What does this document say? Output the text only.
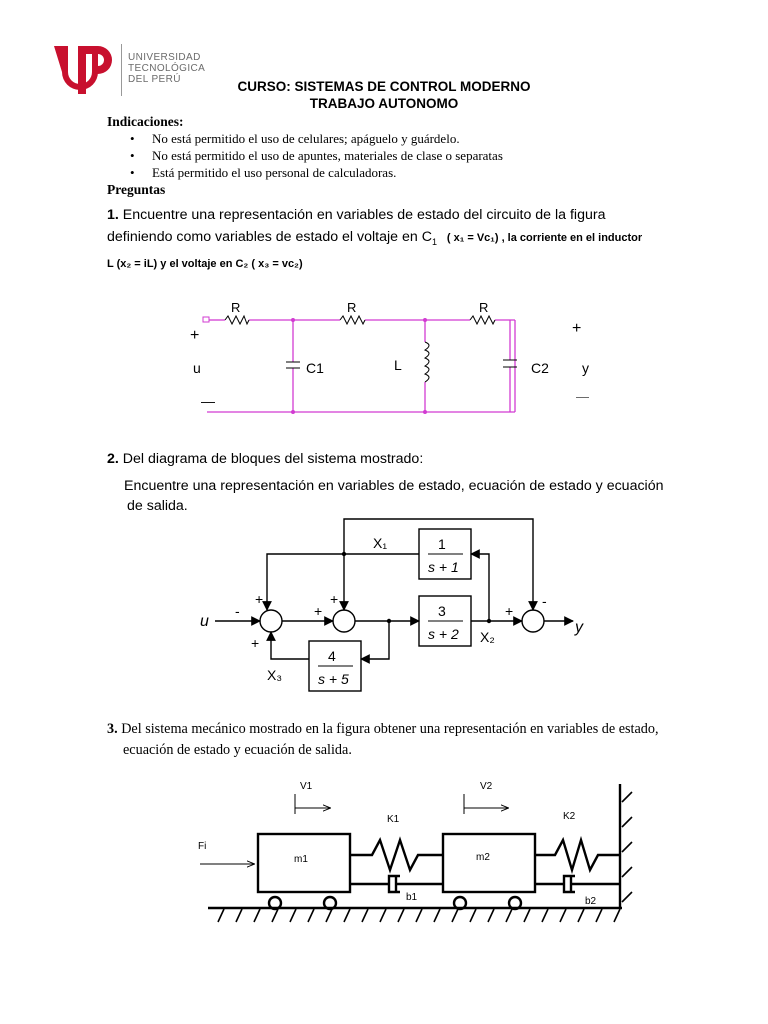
UNIVERSIDAD
TECNOLÓGICA
DEL PERÚ	CURSO: SISTEMAS DE CONTROL MODERNO
TRABAJO AUTONOMO
Indicaciones:
• No está permitido el uso de celulares; apáguelo y guárdelo.
• No está permitido el uso de apuntes, materiales de clase o separatas
• Está permitido el uso personal de calculadoras.
Preguntas
1. Encuentre una representación en variables de estado del circuito de la figura
definiendo como variables de estado el voltaje en $C_1$ ( x₁ = Vc₁) , la corriente en el inductor
L (x₂ = iL) y el voltaje en C₂ ( x₃ = vc₂)
R	R	R
C1	L	C2
+
u
—
+
y
—
2. Del diagrama de bloques del sistema mostrado:
Encuentre una representación en variables de estado, ecuación de estado y ecuación
de salida.
1
s + 1
3
s + 2
4
s + 5
u	y
X₁
X₂
X₃
-
+
+
+
+
+
-
3. Del sistema mecánico mostrado en la figura obtener una representación en variables de estado,
ecuación de estado y ecuación de salida.
V1	V2
K1	K2
Fi
m1	m2
b1	b2
